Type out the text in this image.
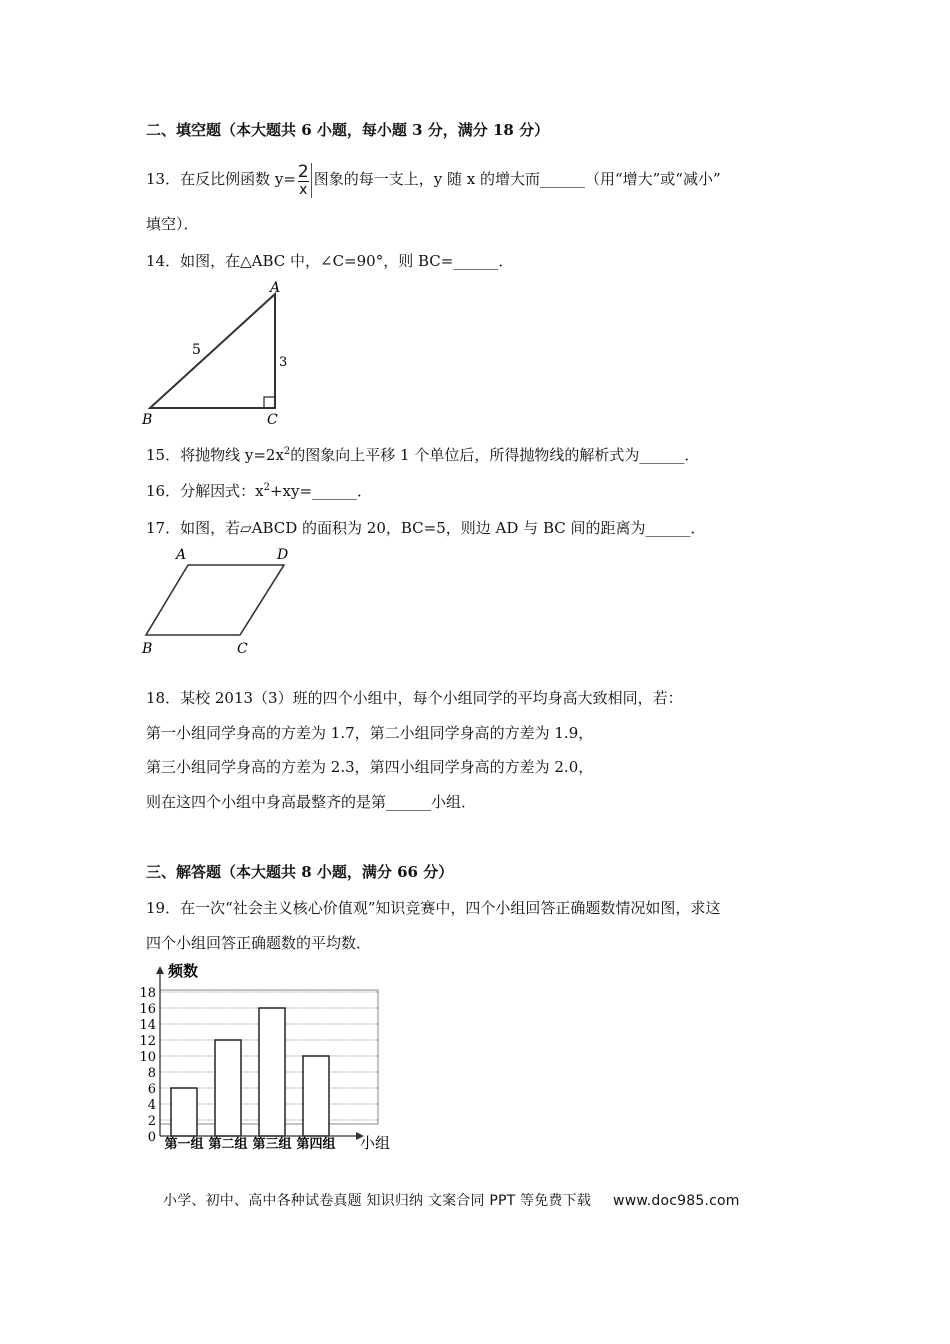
二、填空题（本大题共 6 小题，每小题 3 分，满分 18 分）
13．在反比例函数 $y= \frac{2}{x}$ 图象的每一支上，y 随 x 的增大而______（用“增大”或“减小”
填空）．
14．如图，在△ABC 中，∠C=90°，则 BC=______．
A
B	C
5
3
15．将抛物线 $y=2x^2$的图象向上平移 1 个单位后，所得抛物线的解析式为______．
16．分解因式：$x^2+xy=\_\_\_\_\_\_$．
17．如图，若▱ABCD 的面积为 20，BC=5，则边 AD 与 BC 间的距离为______．
A	D
B	C
18．某校 2013（3）班的四个小组中，每个小组同学的平均身高大致相同，若：
第一小组同学身高的方差为 1.7，第二小组同学身高的方差为 1.9，
第三小组同学身高的方差为 2.3，第四小组同学身高的方差为 2.0，
则在这四个小组中身高最整齐的是第______小组．
三、解答题（本大题共 8 小题，满分 66 分）
19．在一次“社会主义核心价值观”知识竞赛中，四个小组回答正确题数情况如图，求这
四个小组回答正确题数的平均数．
0
2
4
6
8
10
12
14
16
18
第一组 第二组 第三组 第四组
频数
小组
小学、初中、高中各种试卷真题 知识归纳 文案合同 PPT 等免费下载 www.doc985.com
